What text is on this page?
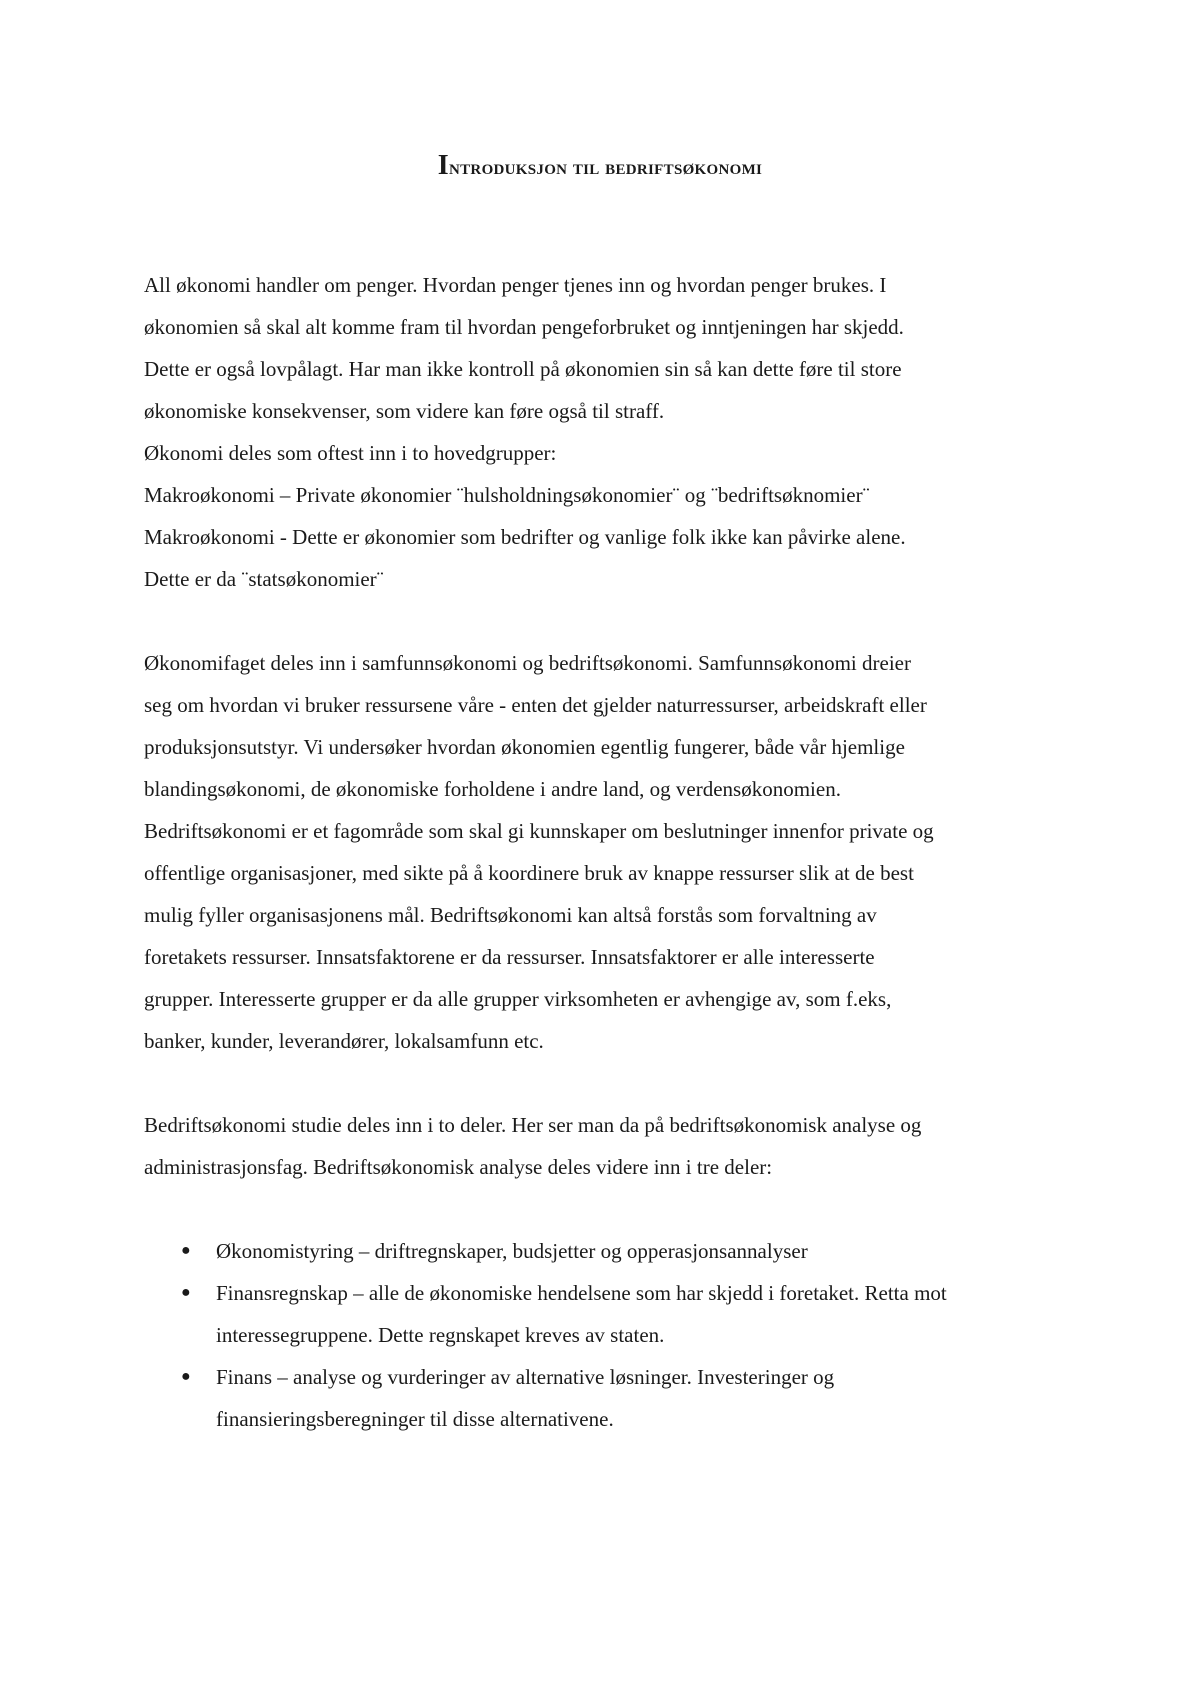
Introduksjon til bedriftsøkonomi

All økonomi handler om penger. Hvordan penger tjenes inn og hvordan penger brukes. I
økonomien så skal alt komme fram til hvordan pengeforbruket og inntjeningen har skjedd.
Dette er også lovpålagt. Har man ikke kontroll på økonomien sin så kan dette føre til store
økonomiske konsekvenser, som videre kan føre også til straff.
Økonomi deles som oftest inn i to hovedgrupper:
Makroøkonomi – Private økonomier ¨hulsholdningsøkonomier¨ og ¨bedriftsøknomier¨
Makroøkonomi - Dette er økonomier som bedrifter og vanlige folk ikke kan påvirke alene.
Dette er da ¨statsøkonomier¨

Økonomifaget deles inn i samfunnsøkonomi og bedriftsøkonomi. Samfunnsøkonomi dreier
seg om hvordan vi bruker ressursene våre - enten det gjelder naturressurser, arbeidskraft eller
produksjonsutstyr. Vi undersøker hvordan økonomien egentlig fungerer, både vår hjemlige
blandingsøkonomi, de økonomiske forholdene i andre land, og verdensøkonomien.
Bedriftsøkonomi er et fagområde som skal gi kunnskaper om beslutninger innenfor private og
offentlige organisasjoner, med sikte på å koordinere bruk av knappe ressurser slik at de best
mulig fyller organisasjonens mål. Bedriftsøkonomi kan altså forstås som forvaltning av
foretakets ressurser. Innsatsfaktorene er da ressurser. Innsatsfaktorer er alle interesserte
grupper. Interesserte grupper er da alle grupper virksomheten er avhengige av, som f.eks,
banker, kunder, leverandører, lokalsamfunn etc.

Bedriftsøkonomi studie deles inn i to deler. Her ser man da på bedriftsøkonomisk analyse og
administrasjonsfag. Bedriftsøkonomisk analyse deles videre inn i tre deler:

● Økonomistyring – driftregnskaper, budsjetter og opperasjonsannalyser
● Finansregnskap – alle de økonomiske hendelsene som har skjedd i foretaket. Retta mot
interessegruppene. Dette regnskapet kreves av staten.
● Finans – analyse og vurderinger av alternative løsninger. Investeringer og
finansieringsberegninger til disse alternativene.
